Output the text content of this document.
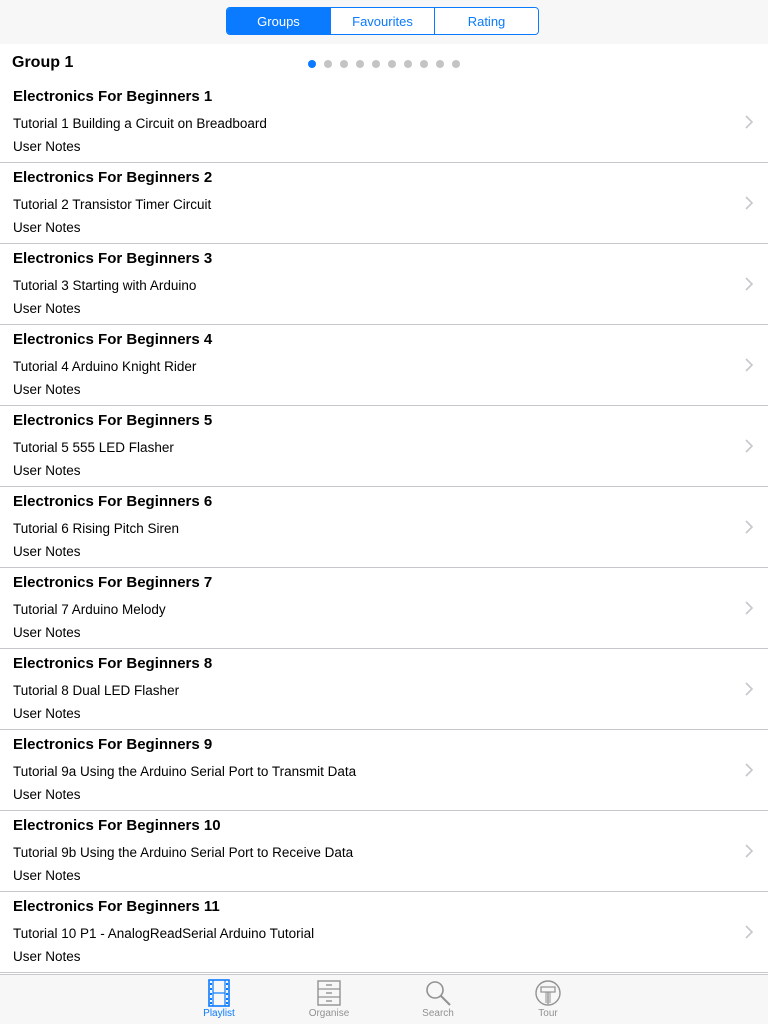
Groups	Favourites	Rating
Group 1
Electronics For Beginners 1
Tutorial 1 Building a Circuit on Breadboard
User Notes
Electronics For Beginners 2
Tutorial 2 Transistor Timer Circuit
User Notes
Electronics For Beginners 3
Tutorial 3 Starting with Arduino
User Notes
Electronics For Beginners 4
Tutorial 4 Arduino Knight Rider
User Notes
Electronics For Beginners 5
Tutorial 5 555 LED Flasher
User Notes
Electronics For Beginners 6
Tutorial 6 Rising Pitch Siren
User Notes
Electronics For Beginners 7
Tutorial 7 Arduino Melody
User Notes
Electronics For Beginners 8
Tutorial 8 Dual LED Flasher
User Notes
Electronics For Beginners 9
Tutorial 9a Using the Arduino Serial Port to Transmit Data
User Notes
Electronics For Beginners 10
Tutorial 9b Using the Arduino Serial Port to Receive Data
User Notes
Electronics For Beginners 11
Tutorial 10 P1 - AnalogReadSerial Arduino Tutorial
User Notes
Playlist	Organise	Search	Tour
